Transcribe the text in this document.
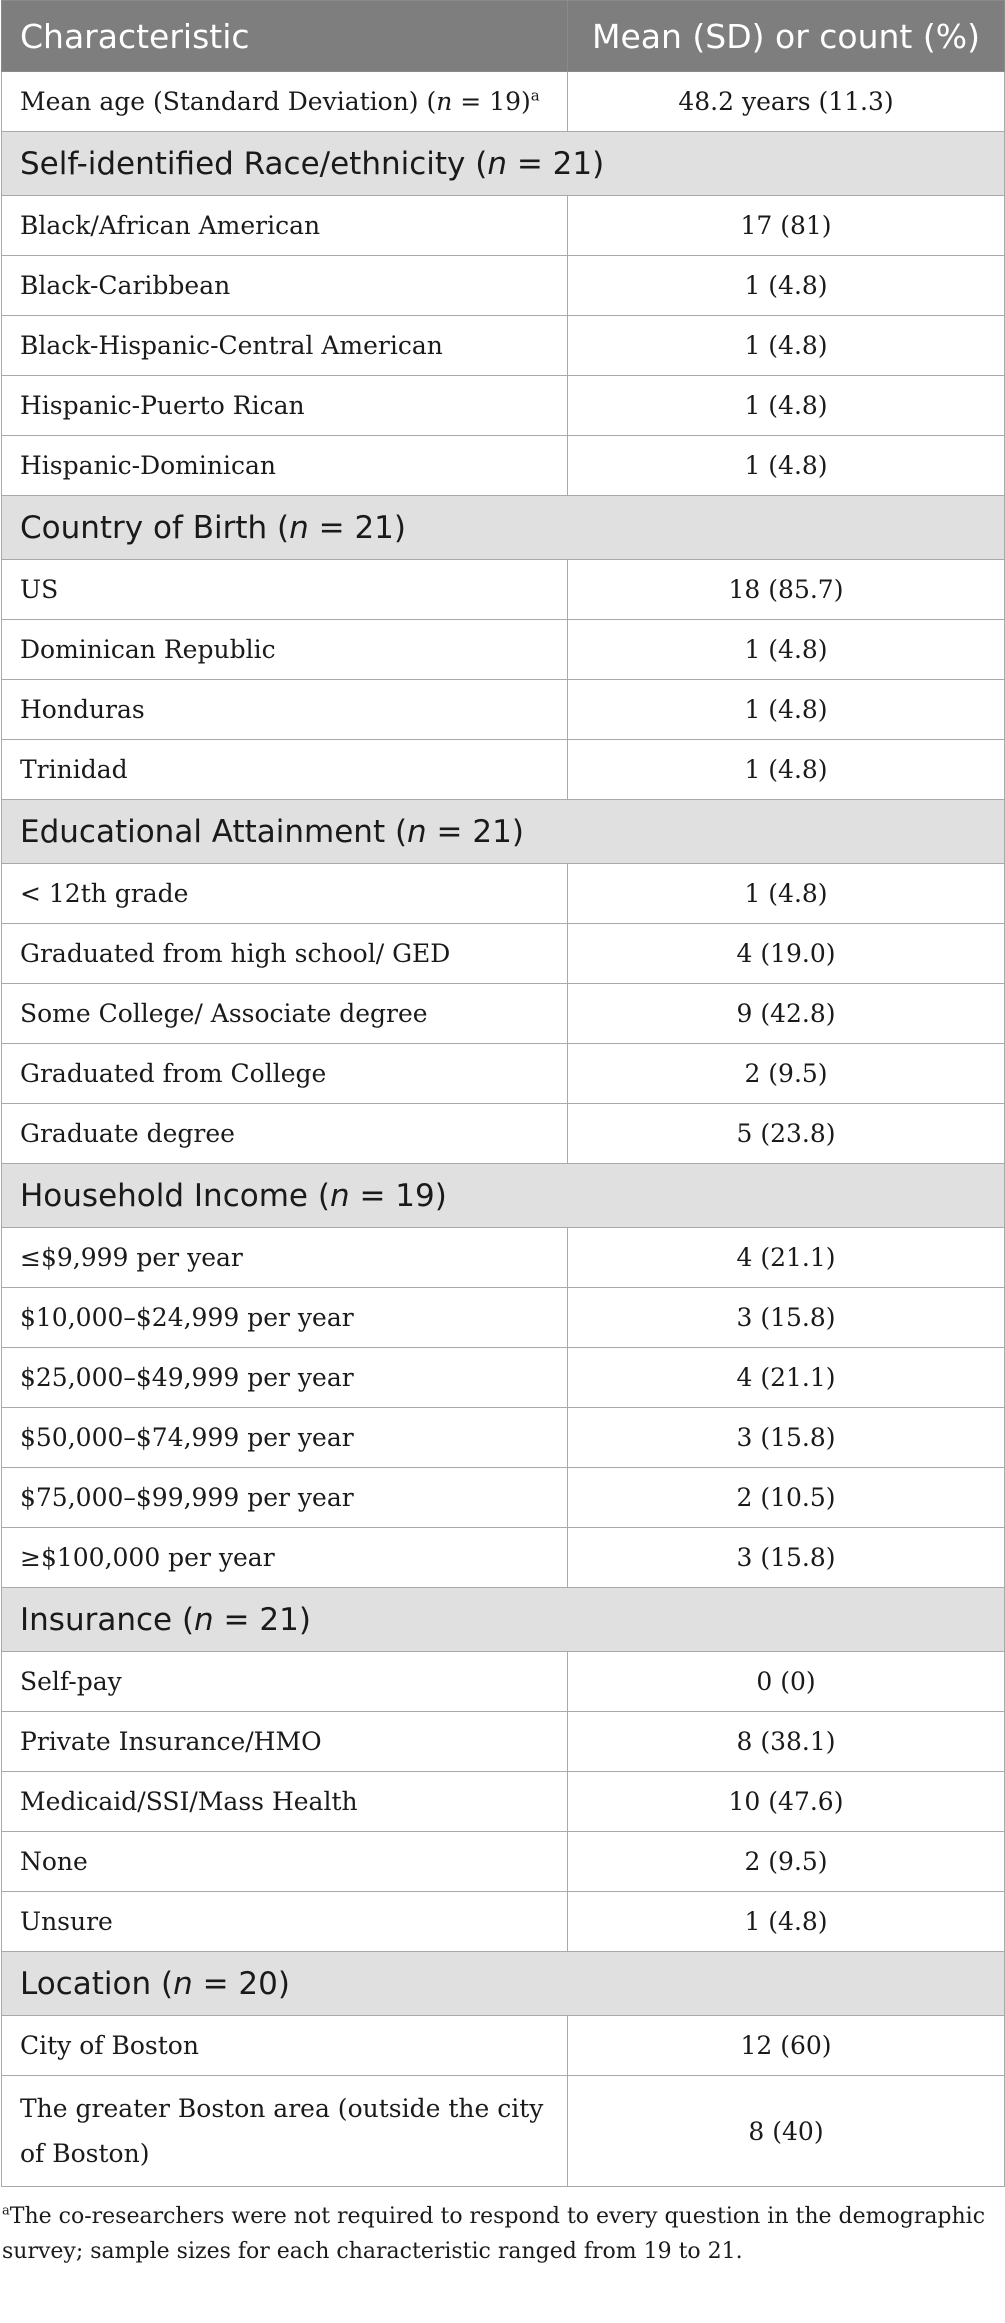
Characteristic	Mean (SD) or count (%)
Mean age (Standard Deviation) (n = 19)$^a$	48.2 years (11.3)
Self-identified Race/ethnicity (n = 21)	
Black/African American	17 (81)
Black-Caribbean	1 (4.8)
Black-Hispanic-Central American	1 (4.8)
Hispanic-Puerto Rican	1 (4.8)
Hispanic-Dominican	1 (4.8)
Country of Birth (n = 21)	
US	18 (85.7)
Dominican Republic	1 (4.8)
Honduras	1 (4.8)
Trinidad	1 (4.8)
Educational Attainment (n = 21)	
< 12th grade	1 (4.8)
Graduated from high school/ GED	4 (19.0)
Some College/ Associate degree	9 (42.8)
Graduated from College	2 (9.5)
Graduate degree	5 (23.8)
Household Income (n = 19)	
≤$9,999 per year	4 (21.1)
$10,000–$24,999 per year	3 (15.8)
$25,000–$49,999 per year	4 (21.1)
$50,000–$74,999 per year	3 (15.8)
$75,000–$99,999 per year	2 (10.5)
≥$100,000 per year	3 (15.8)
Insurance (n = 21)	
Self-pay	0 (0)
Private Insurance/HMO	8 (38.1)
Medicaid/SSI/Mass Health	10 (47.6)
None	2 (9.5)
Unsure	1 (4.8)
Location (n = 20)	
City of Boston	12 (60)
The greater Boston area (outside the city of Boston)	8 (40)

$^a$The co-researchers were not required to respond to every question in the demographic survey; sample sizes for each characteristic ranged from 19 to 21.
